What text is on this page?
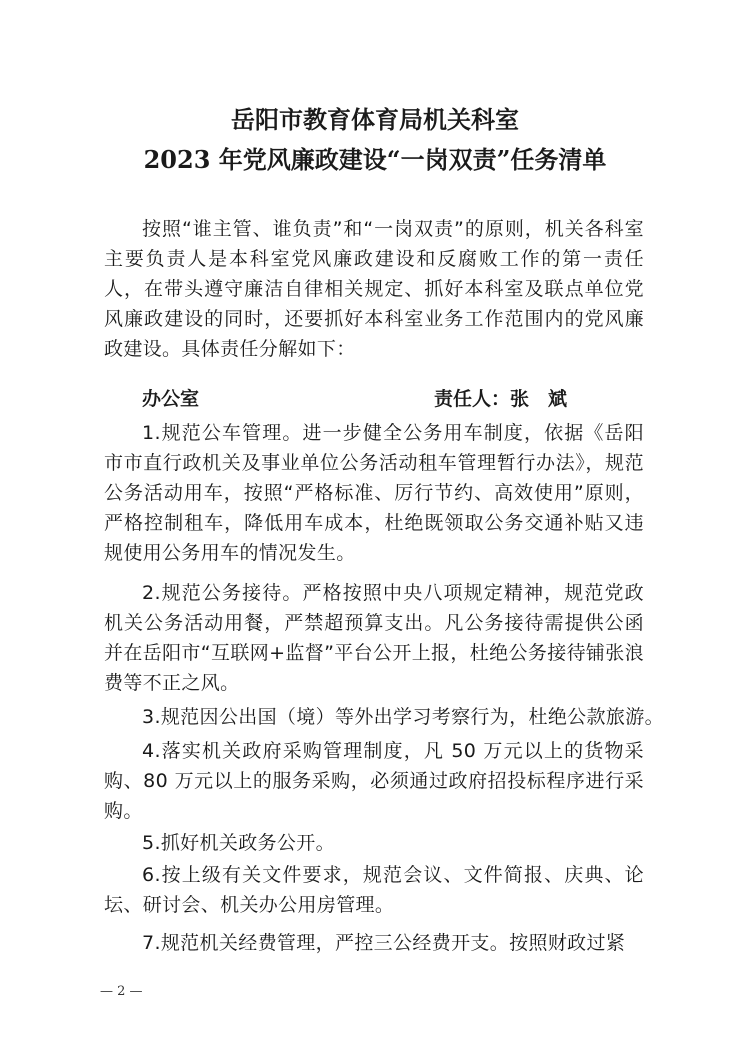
岳阳市教育体育局机关科室
2023 年党风廉政建设“一岗双责”任务清单

按照“谁主管、谁负责”和“一岗双责”的原则，机关各科室主要负责人是本科室党风廉政建设和反腐败工作的第一责任人，在带头遵守廉洁自律相关规定、抓好本科室及联点单位党风廉政建设的同时，还要抓好本科室业务工作范围内的党风廉政建设。具体责任分解如下：

办公室	责任人：张　斌

1.规范公车管理。进一步健全公务用车制度，依据《岳阳市市直行政机关及事业单位公务活动租车管理暂行办法》，规范公务活动用车，按照“严格标准、厉行节约、高效使用”原则，严格控制租车，降低用车成本，杜绝既领取公务交通补贴又违规使用公务用车的情况发生。

2.规范公务接待。严格按照中央八项规定精神，规范党政机关公务活动用餐，严禁超预算支出。凡公务接待需提供公函并在岳阳市“互联网+监督”平台公开上报，杜绝公务接待铺张浪费等不正之风。

3.规范因公出国（境）等外出学习考察行为，杜绝公款旅游。

4.落实机关政府采购管理制度，凡 50 万元以上的货物采购、80 万元以上的服务采购，必须通过政府招投标程序进行采购。

5.抓好机关政务公开。

6.按上级有关文件要求，规范会议、文件简报、庆典、论坛、研讨会、机关办公用房管理。

7.规范机关经费管理，严控三公经费开支。按照财政过紧

— 2 —
